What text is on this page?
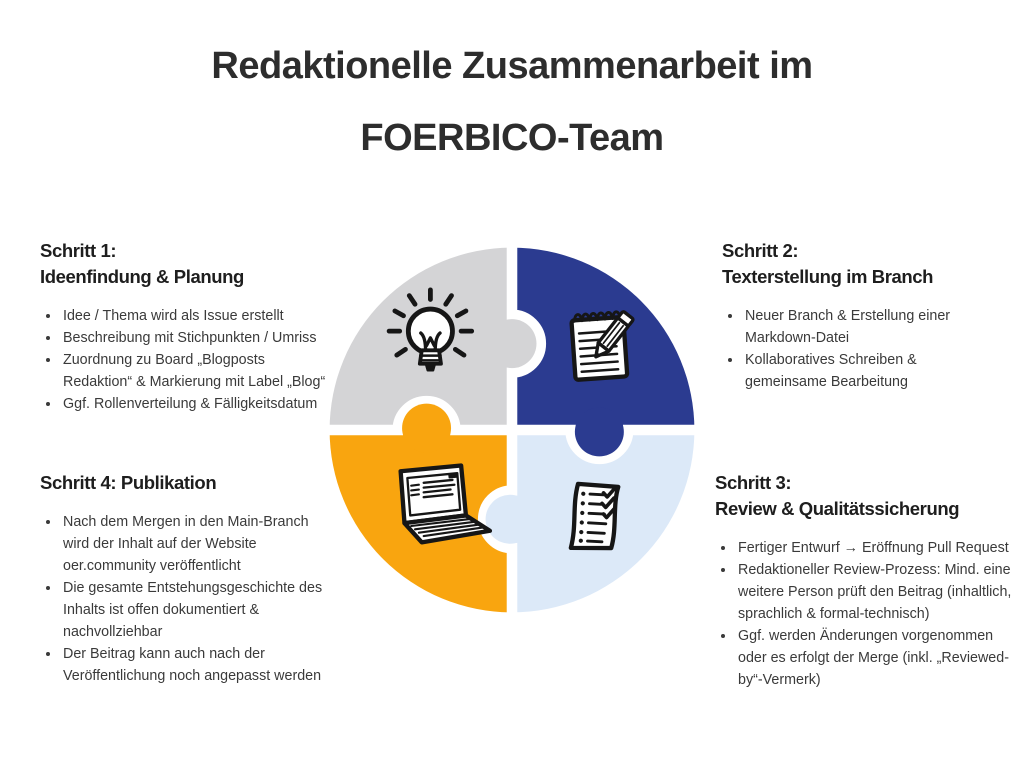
Redaktionelle Zusammenarbeit im
FOERBICO-Team
Schritt 1:
Ideenfindung & Planung
• Idee / Thema wird als Issue erstellt
• Beschreibung mit Stichpunkten / Umriss
• Zuordnung zu Board „Blogposts Redaktion“ & Markierung mit Label „Blog“
• Ggf. Rollenverteilung & Fälligkeitsdatum
Schritt 2:
Texterstellung im Branch
• Neuer Branch & Erstellung einer Markdown-Datei
• Kollaboratives Schreiben & gemeinsame Bearbeitung
Schritt 3:
Review & Qualitätssicherung
• Fertiger Entwurf → Eröffnung Pull Request
• Redaktioneller Review-Prozess: Mind. eine weitere Person prüft den Beitrag (inhaltlich, sprachlich & formal-technisch)
• Ggf. werden Änderungen vorgenommen oder es erfolgt der Merge (inkl. „Reviewed-by“-Vermerk)
Schritt 4: Publikation
• Nach dem Mergen in den Main-Branch wird der Inhalt auf der Website oer.community veröffentlicht
• Die gesamte Entstehungsgeschichte des Inhalts ist offen dokumentiert & nachvollziehbar
• Der Beitrag kann auch nach der Veröffentlichung noch angepasst werden
